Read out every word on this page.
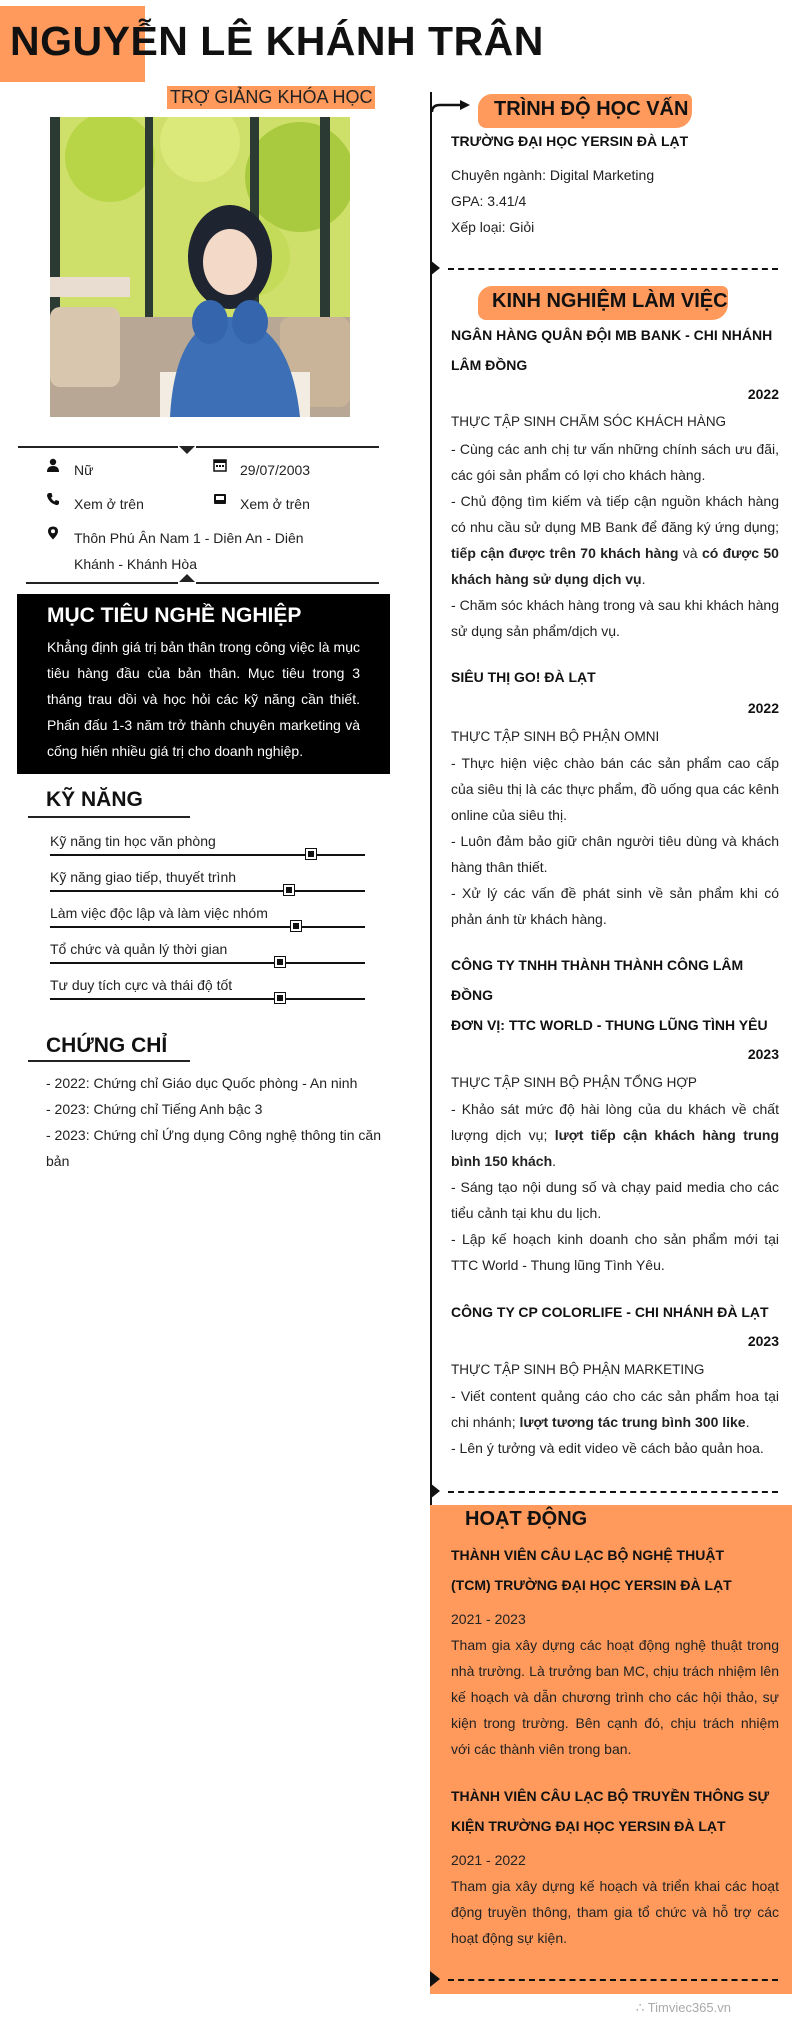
NGUYỄN LÊ KHÁNH TRÂN
TRỢ GIẢNG KHÓA HỌC
Nữ	29/07/2003
Xem ở trên	Xem ở trên
Thôn Phú Ân Nam 1 - Diên An - Diên
Khánh - Khánh Hòa
MỤC TIÊU NGHỀ NGHIỆP
Khẳng định giá trị bản thân trong công việc là mục tiêu hàng đầu của bản thân. Mục tiêu trong 3 tháng trau dồi và học hỏi các kỹ năng cần thiết. Phấn đấu 1-3 năm trở thành chuyên marketing và cống hiến nhiều giá trị cho doanh nghiệp.
KỸ NĂNG
Kỹ năng tin học văn phòng
Kỹ năng giao tiếp, thuyết trình
Làm việc độc lập và làm việc nhóm
Tổ chức và quản lý thời gian
Tư duy tích cực và thái độ tốt
CHỨNG CHỈ
- 2022: Chứng chỉ Giáo dục Quốc phòng - An ninh
- 2023: Chứng chỉ Tiếng Anh bậc 3
- 2023: Chứng chỉ Ứng dụng Công nghệ thông tin căn bản
TRÌNH ĐỘ HỌC VẤN
TRƯỜNG ĐẠI HỌC YERSIN ĐÀ LẠT
Chuyên ngành: Digital Marketing
GPA: 3.41/4
Xếp loại: Giỏi
KINH NGHIỆM LÀM VIỆC
NGÂN HÀNG QUÂN ĐỘI MB BANK - CHI NHÁNH LÂM ĐỒNG
2022
THỰC TẬP SINH CHĂM SÓC KHÁCH HÀNG
- Cùng các anh chị tư vấn những chính sách ưu đãi, các gói sản phẩm có lợi cho khách hàng.
- Chủ động tìm kiếm và tiếp cận nguồn khách hàng có nhu cầu sử dụng MB Bank để đăng ký ứng dụng; tiếp cận được trên 70 khách hàng và có được 50 khách hàng sử dụng dịch vụ.
- Chăm sóc khách hàng trong và sau khi khách hàng sử dụng sản phẩm/dịch vụ.
SIÊU THỊ GO! ĐÀ LẠT
2022
THỰC TẬP SINH BỘ PHẬN OMNI
- Thực hiện việc chào bán các sản phẩm cao cấp của siêu thị là các thực phẩm, đồ uống qua các kênh online của siêu thị.
- Luôn đảm bảo giữ chân người tiêu dùng và khách hàng thân thiết.
- Xử lý các vấn đề phát sinh về sản phẩm khi có phản ánh từ khách hàng.
CÔNG TY TNHH THÀNH THÀNH CÔNG LÂM ĐỒNG
ĐƠN VỊ: TTC WORLD - THUNG LŨNG TÌNH YÊU
2023
THỰC TẬP SINH BỘ PHẬN TỔNG HỢP
- Khảo sát mức độ hài lòng của du khách về chất lượng dịch vụ; lượt tiếp cận khách hàng trung bình 150 khách.
- Sáng tạo nội dung số và chạy paid media cho các tiểu cảnh tại khu du lịch.
- Lập kế hoạch kinh doanh cho sản phẩm mới tại TTC World - Thung lũng Tình Yêu.
CÔNG TY CP COLORLIFE - CHI NHÁNH ĐÀ LẠT
2023
THỰC TẬP SINH BỘ PHẬN MARKETING
- Viết content quảng cáo cho các sản phẩm hoa tại chi nhánh; lượt tương tác trung bình 300 like.
- Lên ý tưởng và edit video về cách bảo quản hoa.
HOẠT ĐỘNG
THÀNH VIÊN CÂU LẠC BỘ NGHỆ THUẬT
(TCM) TRƯỜNG ĐẠI HỌC YERSIN ĐÀ LẠT
2021 - 2023
Tham gia xây dựng các hoạt động nghệ thuật trong nhà trường. Là trưởng ban MC, chịu trách nhiệm lên kế hoạch và dẫn chương trình cho các hội thảo, sự kiện trong trường. Bên cạnh đó, chịu trách nhiệm với các thành viên trong ban.
THÀNH VIÊN CÂU LẠC BỘ TRUYỀN THÔNG SỰ
KIỆN TRƯỜNG ĐẠI HỌC YERSIN ĐÀ LẠT
2021 - 2022
Tham gia xây dựng kế hoạch và triển khai các hoạt động truyền thông, tham gia tổ chức và hỗ trợ các hoạt động sự kiện.
∴ Timviec365.vn
